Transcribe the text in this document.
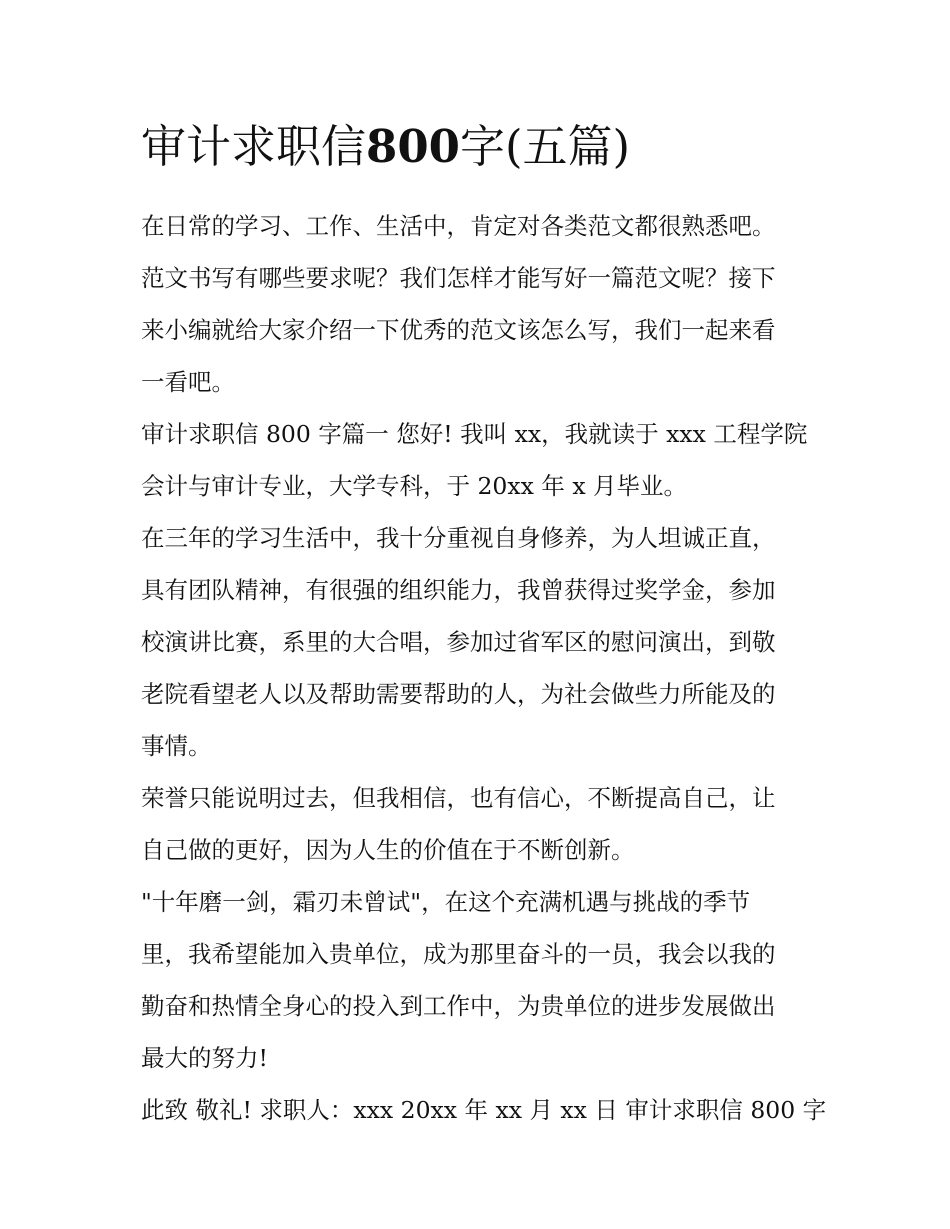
审计求职信800字(五篇)
在日常的学习、工作、生活中，肯定对各类范文都很熟悉吧。
范文书写有哪些要求呢？我们怎样才能写好一篇范文呢？接下
来小编就给大家介绍一下优秀的范文该怎么写，我们一起来看
一看吧。
审计求职信 800 字篇一 您好! 我叫 xx，我就读于 xxx 工程学院
会计与审计专业，大学专科，于 20xx 年 x 月毕业。
在三年的学习生活中，我十分重视自身修养，为人坦诚正直，
具有团队精神，有很强的组织能力，我曾获得过奖学金，参加
校演讲比赛，系里的大合唱，参加过省军区的慰问演出，到敬
老院看望老人以及帮助需要帮助的人，为社会做些力所能及的
事情。
荣誉只能说明过去，但我相信，也有信心，不断提高自己，让
自己做的更好，因为人生的价值在于不断创新。
"十年磨一剑，霜刃未曾试"，在这个充满机遇与挑战的季节
里，我希望能加入贵单位，成为那里奋斗的一员，我会以我的
勤奋和热情全身心的投入到工作中，为贵单位的进步发展做出
最大的努力!
此致 敬礼! 求职人：xxx 20xx 年 xx 月 xx 日 审计求职信 800 字
